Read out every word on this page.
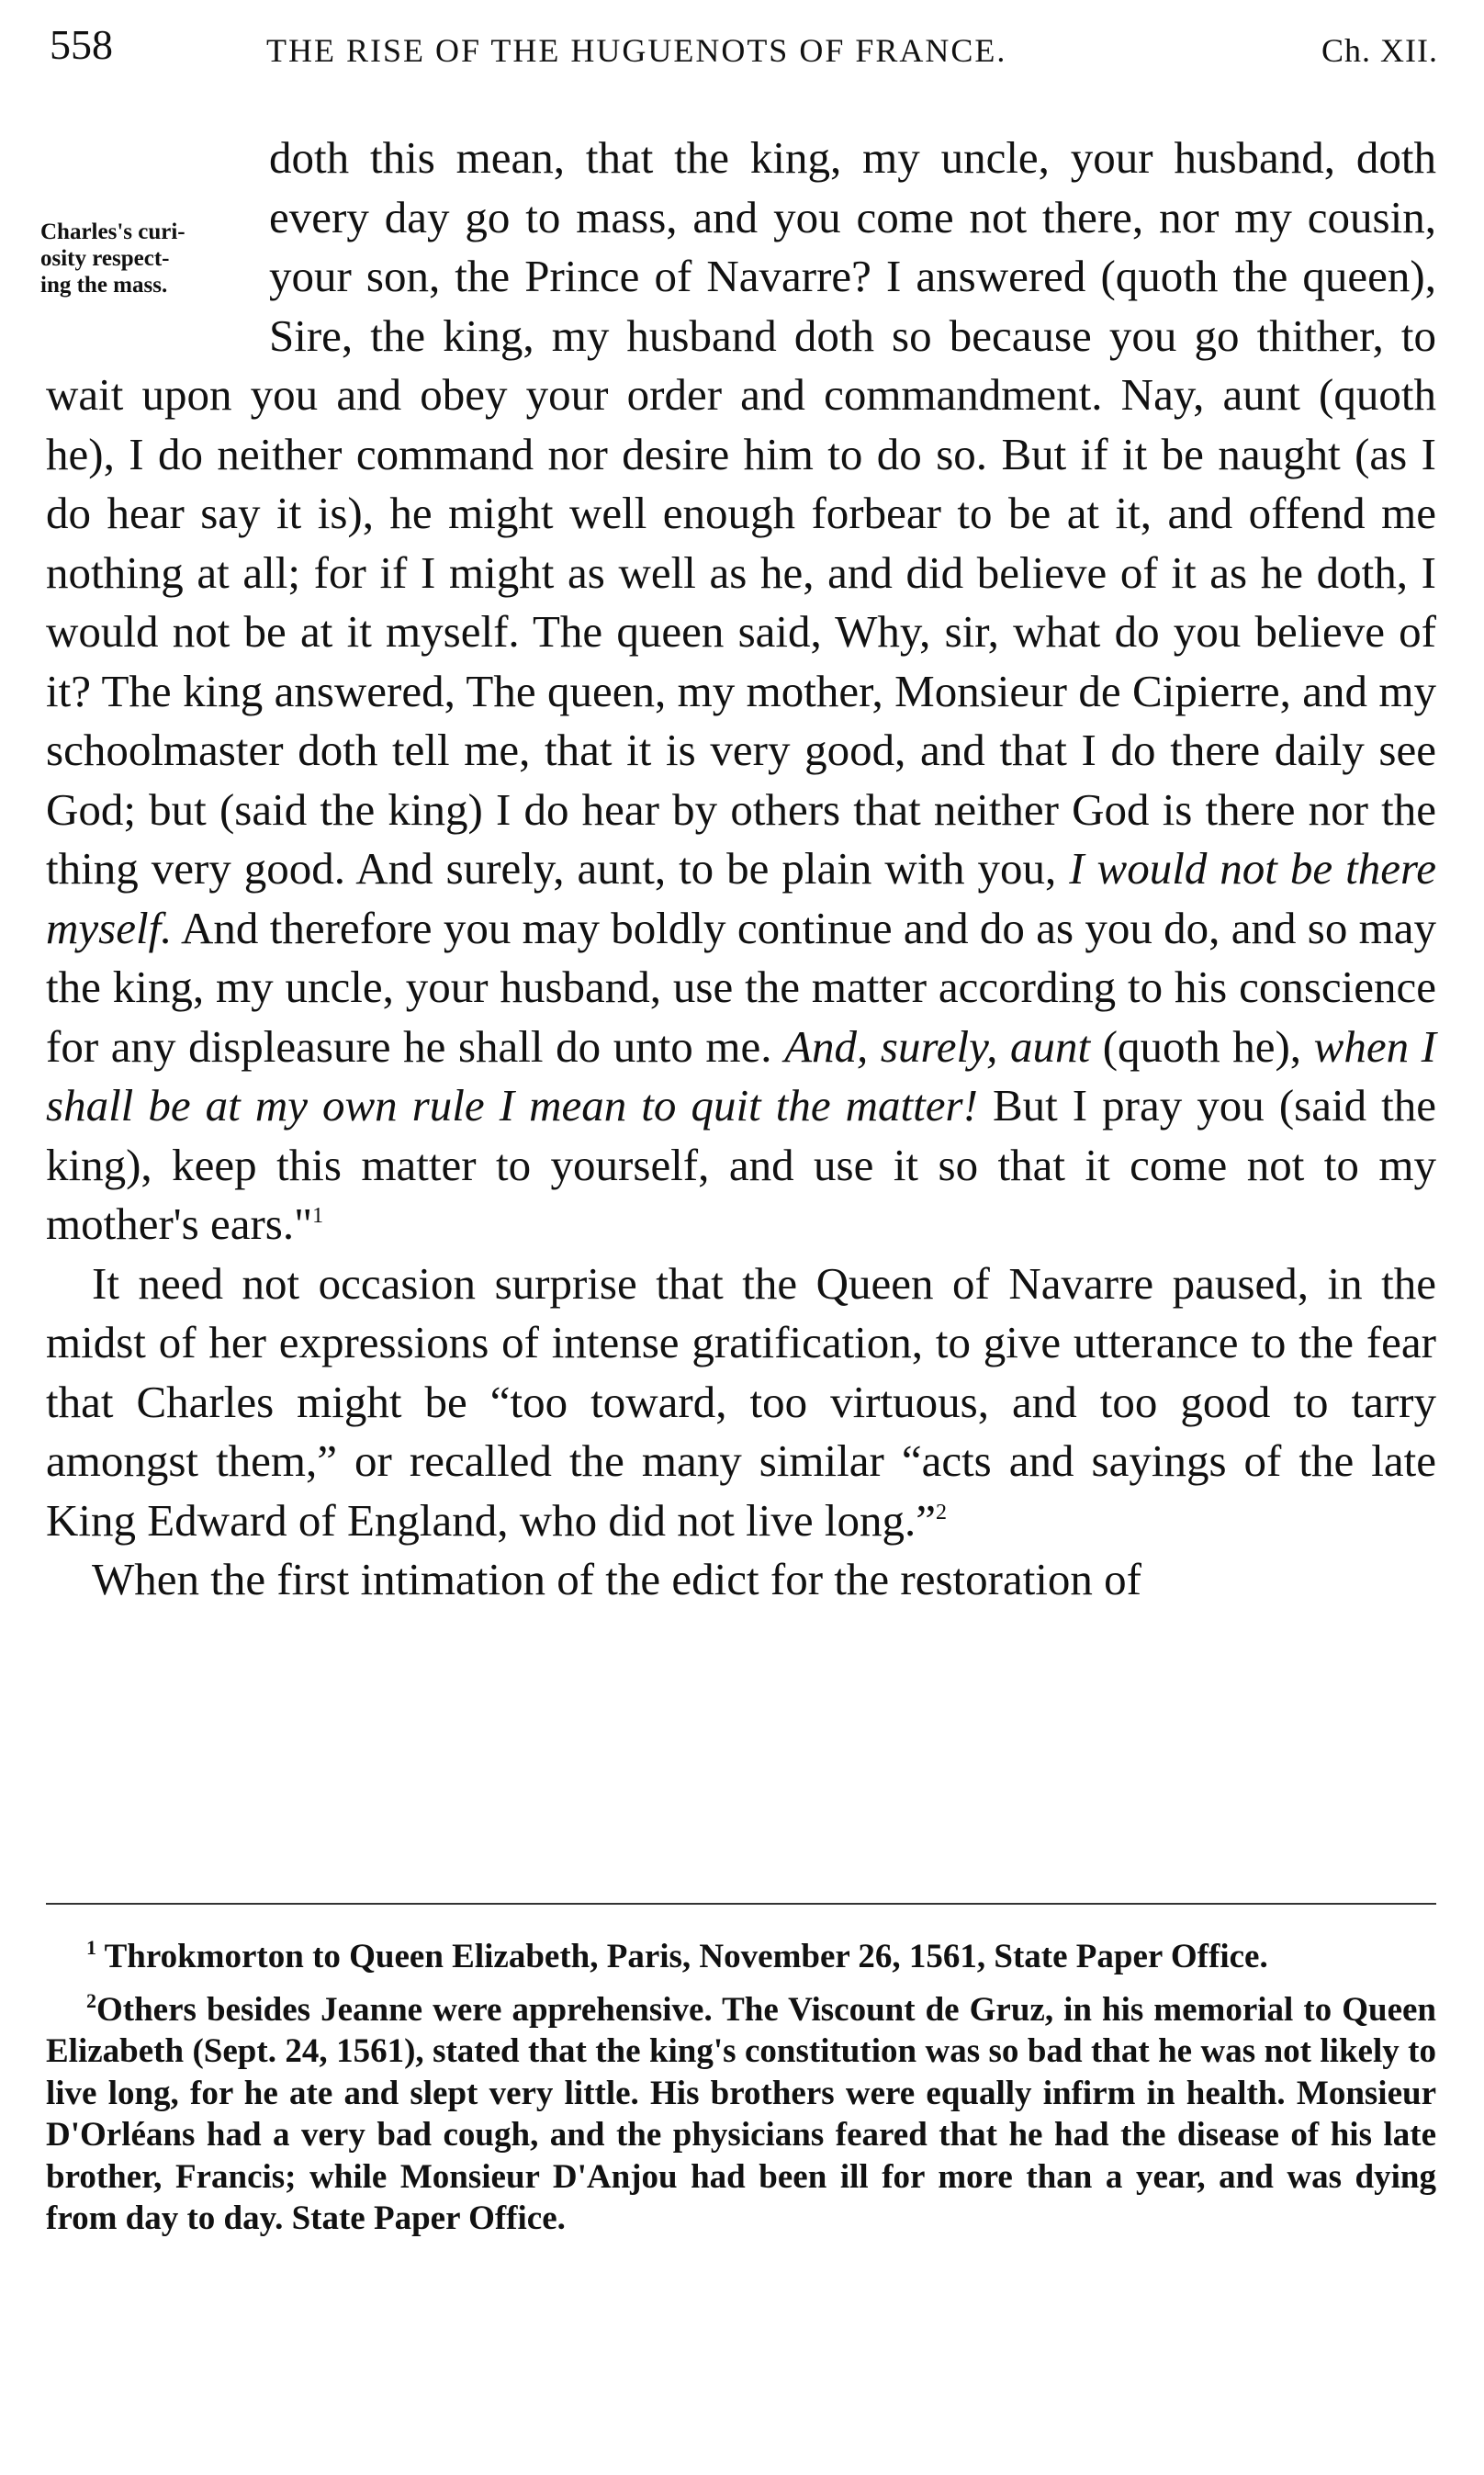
558	THE RISE OF THE HUGUENOTS OF FRANCE.	Ch. XII.
Charles's curi-
osity respect-
ing the mass.

doth this mean, that the king, my uncle, your husband, doth every day go to mass, and you come not there, nor my cousin, your son, the Prince of Navarre? I answered (quoth the queen), Sire, the king, my husband doth so because you go thither, to wait upon you and obey your order and commandment. Nay, aunt (quoth he), I do neither command nor desire him to do so. But if it be naught (as I do hear say it is), he might well enough forbear to be at it, and offend me nothing at all; for if I might as well as he, and did believe of it as he doth, I would not be at it myself. The queen said, Why, sir, what do you believe of it? The king answered, The queen, my mother, Monsieur de Cipierre, and my schoolmaster doth tell me, that it is very good, and that I do there daily see God; but (said the king) I do hear by others that neither God is there nor the thing very good. And surely, aunt, to be plain with you, I would not be there myself. And therefore you may boldly continue and do as you do, and so may the king, my uncle, your husband, use the matter according to his conscience for any displeasure he shall do unto me. And, surely, aunt (quoth he), when I shall be at my own rule I mean to quit the matter! But I pray you (said the king), keep this matter to yourself, and use it so that it come not to my mother's ears."$^1$

It need not occasion surprise that the Queen of Navarre paused, in the midst of her expressions of intense gratification, to give utterance to the fear that Charles might be “too toward, too virtuous, and too good to tarry amongst them,” or recalled the many similar “acts and sayings of the late King Edward of England, who did not live long.”$^2$

When the first intimation of the edict for the restoration of

$^1$ Throkmorton to Queen Elizabeth, Paris, November 26, 1561, State Paper Office.

$^2$Others besides Jeanne were apprehensive. The Viscount de Gruz, in his memorial to Queen Elizabeth (Sept. 24, 1561), stated that the king's constitution was so bad that he was not likely to live long, for he ate and slept very little. His brothers were equally infirm in health. Monsieur D'Orléans had a very bad cough, and the physicians feared that he had the disease of his late brother, Francis; while Monsieur D'Anjou had been ill for more than a year, and was dying from day to day. State Paper Office.
